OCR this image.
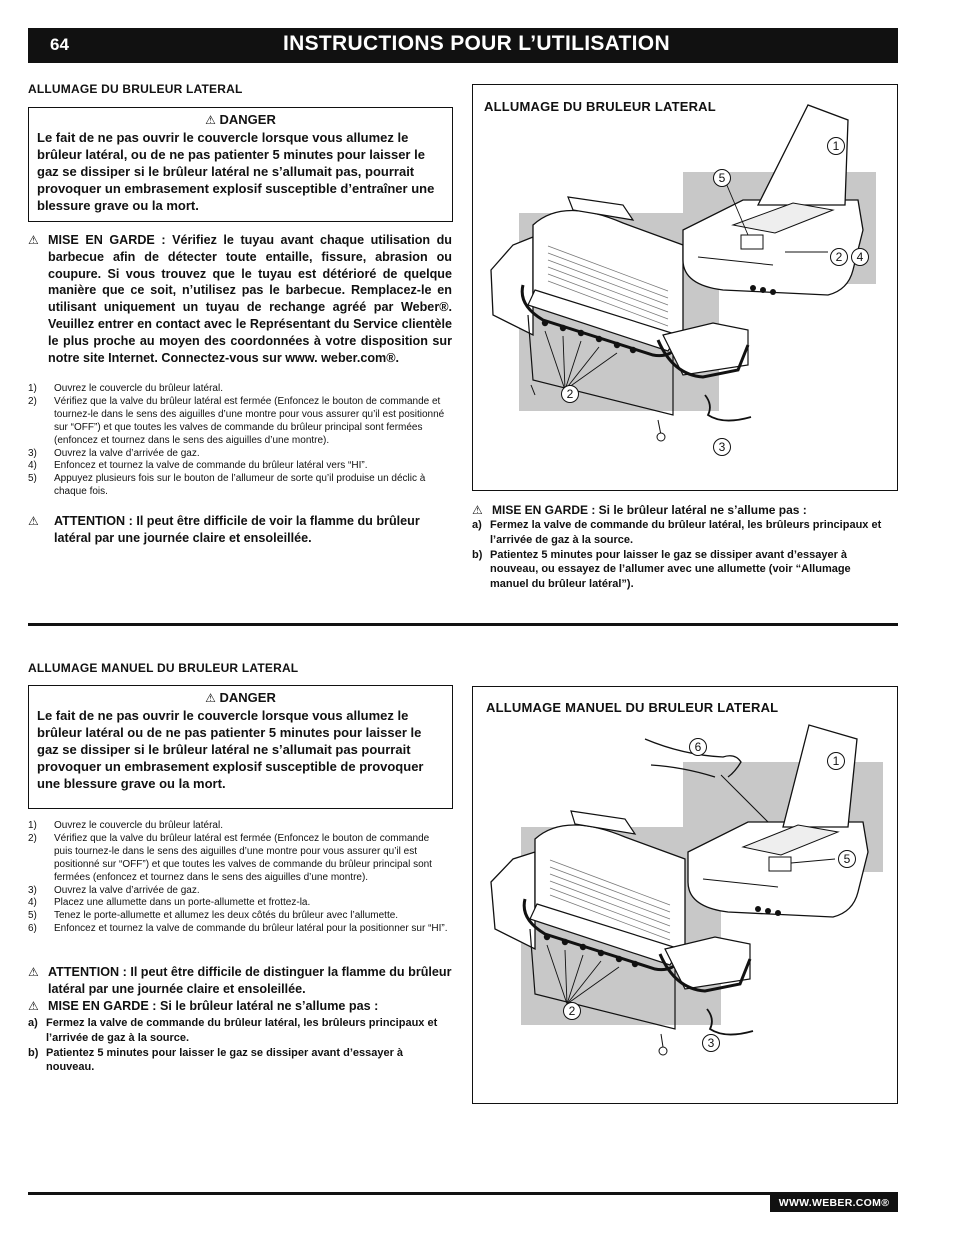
64	INSTRUCTIONS POUR L’UTILISATION
ALLUMAGE DU BRULEUR LATERAL
⚠ DANGER
Le fait de ne pas ouvrir le couvercle lorsque vous allumez le brûleur latéral, ou de ne pas patienter 5 minutes pour laisser le gaz se dissiper si le brûleur latéral ne s’allumait pas, pourrait provoquer un embrasement explosif susceptible d’entraîner une blessure grave ou la mort.
⚠ MISE EN GARDE : Vérifiez le tuyau avant chaque utilisation du barbecue afin de détecter toute entaille, fissure, abrasion ou coupure. Si vous trouvez que le tuyau est détérioré de quelque manière que ce soit, n’utilisez pas le barbecue. Remplacez-le en utilisant uniquement un tuyau de rechange agréé par Weber®. Veuillez entrer en contact avec le Représentant du Service clientèle le plus proche au moyen des coordonnées à votre disposition sur notre site Internet. Connectez-vous sur www. weber.com®.
1) Ouvrez le couvercle du brûleur latéral.
2) Vérifiez que la valve du brûleur latéral est fermée (Enfoncez le bouton de commande et tournez-le dans le sens des aiguilles d’une montre pour vous assurer qu’il est positionné sur “OFF”) et que toutes les valves de commande du brûleur principal sont fermées (enfoncez et tournez dans le sens des aiguilles d’une montre).
3) Ouvrez la valve d’arrivée de gaz.
4) Enfoncez et tournez la valve de commande du brûleur latéral vers “HI”.
5) Appuyez plusieurs fois sur le bouton de l’allumeur de sorte qu’il produise un déclic à chaque fois.
⚠	ATTENTION : Il peut être difficile de voir la flamme du brûleur latéral par une journée claire et ensoleillée.
ALLUMAGE DU BRULEUR LATERAL
1
5
2	4
2
3
⚠ MISE EN GARDE : Si le brûleur latéral ne s’allume pas :
a) Fermez la valve de commande du brûleur latéral, les brûleurs principaux et l’arrivée de gaz à la source.
b) Patientez 5 minutes pour laisser le gaz se dissiper avant d’essayer à nouveau, ou essayez de l’allumer avec une allumette (voir “Allumage manuel du brûleur latéral”).
ALLUMAGE MANUEL DU BRULEUR LATERAL
⚠ DANGER
Le fait de ne pas ouvrir le couvercle lorsque vous allumez le brûleur latéral ou de ne pas patienter 5 minutes pour laisser le gaz se dissiper si le brûleur latéral ne s’allumait pas pourrait provoquer un embrasement explosif susceptible de provoquer une blessure grave ou la mort.
1) Ouvrez le couvercle du brûleur latéral.
2) Vérifiez que la valve du brûleur latéral est fermée (Enfoncez le bouton de commande puis tournez-le dans le sens des aiguilles d’une montre pour vous assurer qu’il est positionné sur “OFF”) et que toutes les valves de commande du brûleur principal sont fermées (enfoncez et tournez dans le sens des aiguilles d’une montre).
3) Ouvrez la valve d’arrivée de gaz.
4) Placez une allumette dans un porte-allumette et frottez-la.
5) Tenez le porte-allumette et allumez les deux côtés du brûleur avec l’allumette.
6) Enfoncez et tournez la valve de commande du brûleur latéral pour la positionner sur “HI”.
⚠ ATTENTION : Il peut être difficile de distinguer la flamme du brûleur latéral par une journée claire et ensoleillée.
⚠ MISE EN GARDE : Si le brûleur latéral ne s’allume pas :
a) Fermez la valve de commande du brûleur latéral, les brûleurs principaux et l’arrivée de gaz à la source.
b) Patientez 5 minutes pour laisser le gaz se dissiper avant d’essayer à nouveau.
ALLUMAGE MANUEL DU BRULEUR LATERAL
6
1
5
2
3
WWW.WEBER.COM®
